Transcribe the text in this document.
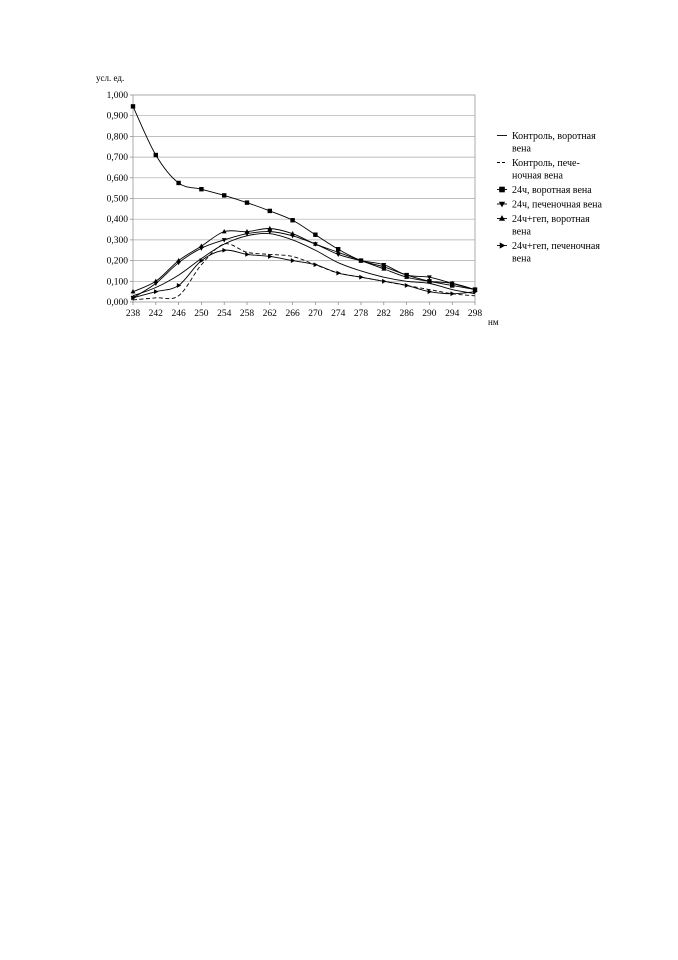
0,000
0,100
0,200
0,300
0,400
0,500
0,600
0,700
0,800
0,900
1,000
238 242 246 250 254 258 262 266 270 274 278 282 286 290 294 298
усл. ед.
нм
Контроль, воротная
вена
Контроль, пече-
ночная вена
24ч, воротная вена
24ч, печеночная вена
24ч+геп, воротная
вена
24ч+геп, печеночная
вена
